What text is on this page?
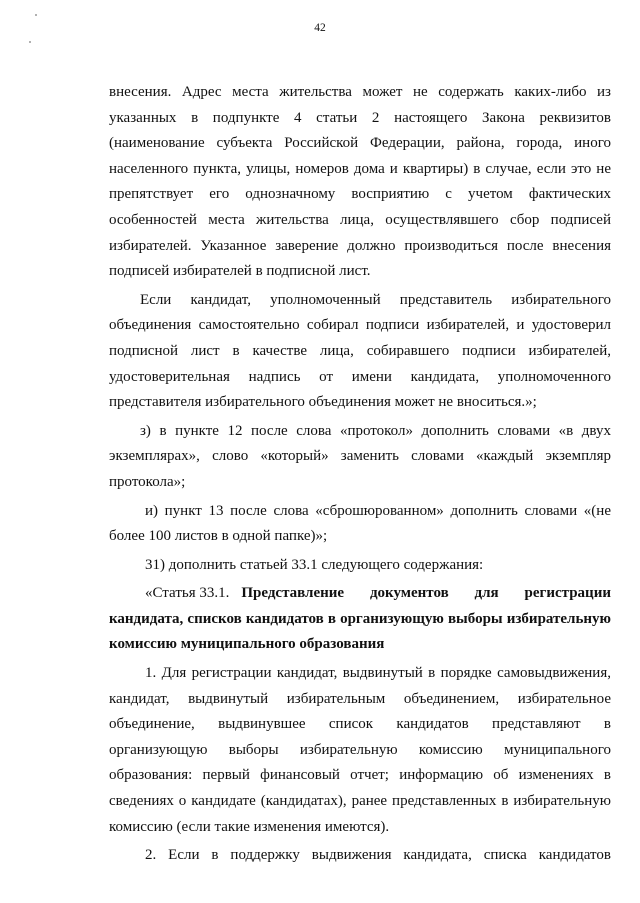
42
внесения. Адрес места жительства может не содержать каких-либо из
указанных в подпункте 4 статьи 2 настоящего Закона реквизитов
(наименование субъекта Российской Федерации, района, города, иного
населенного пункта, улицы, номеров дома и квартиры) в случае, если это не
препятствует его однозначному восприятию с учетом фактических
особенностей места жительства лица, осуществлявшего сбор подписей
избирателей. Указанное заверение должно производиться после внесения
подписей избирателей в подписной лист.
Если кандидат, уполномоченный представитель избирательного
объединения самостоятельно собирал подписи избирателей, и удостоверил
подписной лист в качестве лица, собиравшего подписи избирателей,
удостоверительная надпись от имени кандидата, уполномоченного
представителя избирательного объединения может не вноситься.»;
з) в пункте 12 после слова «протокол» дополнить словами «в двух
экземплярах», слово «который» заменить словами «каждый экземпляр
протокола»;
и) пункт 13 после слова «сброшюрованном» дополнить словами «(не
более 100 листов в одной папке)»;
31) дополнить статьей 33.1 следующего содержания:
«Статья 33.1. Представление документов для регистрации
кандидата, списков кандидатов в организующую выборы избирательную
комиссию муниципального образования
1. Для регистрации кандидат, выдвинутый в порядке самовыдвижения,
кандидат, выдвинутый избирательным объединением, избирательное
объединение, выдвинувшее список кандидатов представляют в
организующую выборы избирательную комиссию муниципального
образования: первый финансовый отчет; информацию об изменениях в
сведениях о кандидате (кандидатах), ранее представленных в избирательную
комиссию (если такие изменения имеются).
2. Если в поддержку выдвижения кандидата, списка кандидатов
